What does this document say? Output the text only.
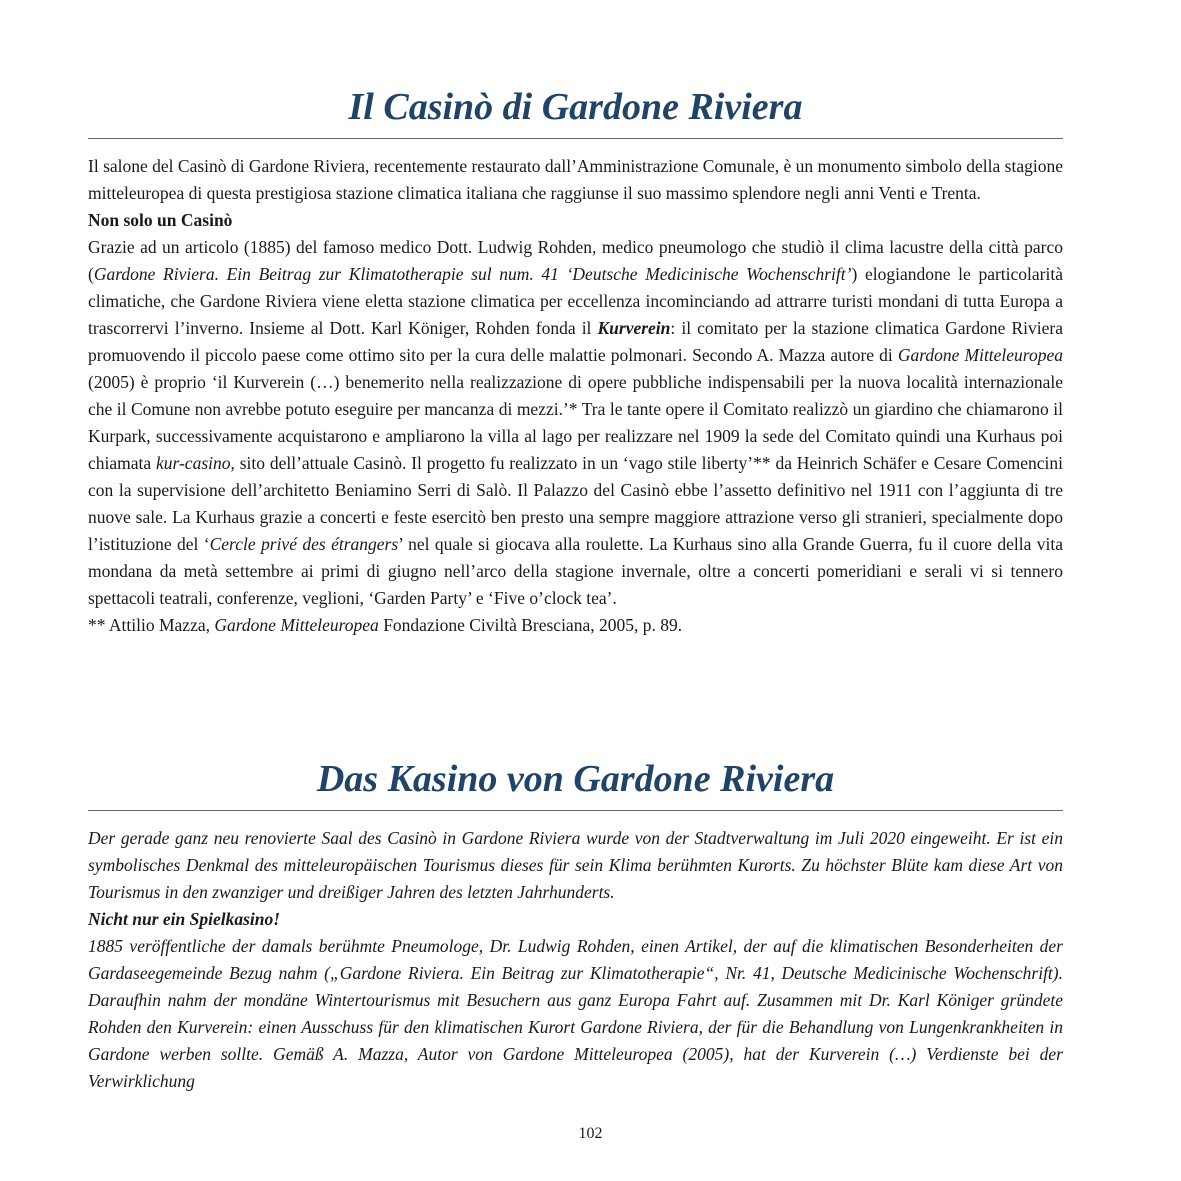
Il Casinò di Gardone Riviera

Il salone del Casinò di Gardone Riviera, recentemente restaurato dall’Amministrazione Comunale, è un monumento simbolo della stagione mitteleuropea di questa prestigiosa stazione climatica italiana che raggiunse il suo massimo splendore negli anni Venti e Trenta.

Non solo un Casinò

Grazie ad un articolo (1885) del famoso medico Dott. Ludwig Rohden, medico pneumologo che studiò il clima lacustre della città parco (Gardone Riviera. Ein Beitrag zur Klimatotherapie sul num. 41 ‘Deutsche Medicinische Wochenschrift’) elogiandone le particolarità climatiche, che Gardone Riviera viene eletta stazione climatica per eccellenza incominciando ad attrarre turisti mondani di tutta Europa a trascorrervi l’inverno. Insieme al Dott. Karl Königer, Rohden fonda il Kurverein: il comitato per la stazione climatica Gardone Riviera promuovendo il piccolo paese come ottimo sito per la cura delle malattie polmonari. Secondo A. Mazza autore di Gardone Mitteleuropea (2005) è proprio ‘il Kurverein (…) benemerito nella realizzazione di opere pubbliche indispensabili per la nuova località internazionale che il Comune non avrebbe potuto eseguire per mancanza di mezzi.’* Tra le tante opere il Comitato realizzò un giardino che chiamarono il Kurpark, successivamente acquistarono e ampliarono la villa al lago per realizzare nel 1909 la sede del Comitato quindi una Kurhaus poi chiamata kur-casino, sito dell’attuale Casinò. Il progetto fu realizzato in un ‘vago stile liberty’** da Heinrich Schäfer e Cesare Comencini con la supervisione dell’architetto Beniamino Serri di Salò. Il Palazzo del Casinò ebbe l’assetto definitivo nel 1911 con l’aggiunta di tre nuove sale. La Kurhaus grazie a concerti e feste esercitò ben presto una sempre maggiore attrazione verso gli stranieri, specialmente dopo l’istituzione del ‘Cercle privé des étrangers’ nel quale si giocava alla roulette. La Kurhaus sino alla Grande Guerra, fu il cuore della vita mondana da metà settembre ai primi di giugno nell’arco della stagione invernale, oltre a concerti pomeridiani e serali vi si tennero spettacoli teatrali, conferenze, veglioni, ‘Garden Party’ e ‘Five o’clock tea’.

** Attilio Mazza, Gardone Mitteleuropea Fondazione Civiltà Bresciana, 2005, p. 89.

Das Kasino von Gardone Riviera

Der gerade ganz neu renovierte Saal des Casinò in Gardone Riviera wurde von der Stadtverwaltung im Juli 2020 eingeweiht. Er ist ein symbolisches Denkmal des mitteleuropäischen Tourismus dieses für sein Klima berühmten Kurorts. Zu höchster Blüte kam diese Art von Tourismus in den zwanziger und dreißiger Jahren des letzten Jahrhunderts.

Nicht nur ein Spielkasino!

1885 veröffentliche der damals berühmte Pneumologe, Dr. Ludwig Rohden, einen Artikel, der auf die klimatischen Besonderheiten der Gardaseegemeinde Bezug nahm („Gardone Riviera. Ein Beitrag zur Klimatotherapie“, Nr. 41, Deutsche Medicinische Wochenschrift). Daraufhin nahm der mondäne Wintertourismus mit Besuchern aus ganz Europa Fahrt auf. Zusammen mit Dr. Karl Königer gründete Rohden den Kurverein: einen Ausschuss für den klimatischen Kurort Gardone Riviera, der für die Behandlung von Lungenkrankheiten in Gardone werben sollte. Gemäß A. Mazza, Autor von Gardone Mitteleuropea (2005), hat der Kurverein (…) Verdienste bei der Verwirklichung

102
